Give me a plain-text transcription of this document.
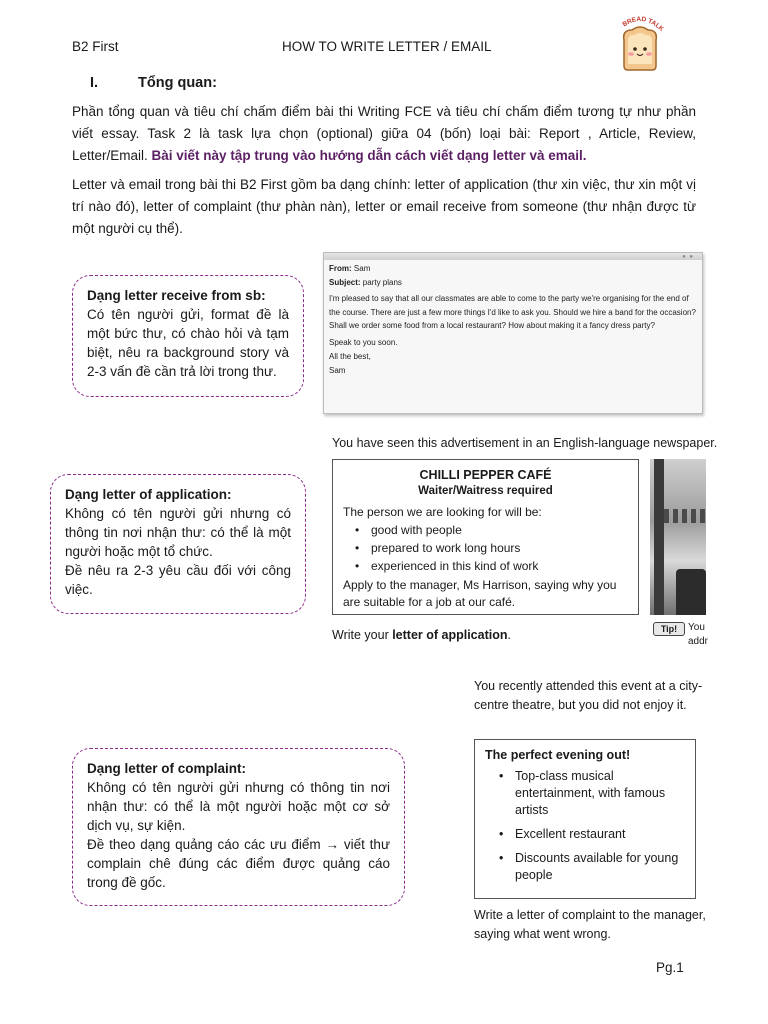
B2 First	HOW TO WRITE LETTER / EMAIL
BREAD TALK
I.	Tổng quan:
Phần tổng quan và tiêu chí chấm điểm bài thi Writing FCE và tiêu chí chấm điểm tương tự như phần viết essay. Task 2 là task lựa chọn (optional) giữa 04 (bốn) loại bài: Report , Article, Review, Letter/Email. Bài viết này tập trung vào hướng dẫn cách viết dạng letter và email.
Letter và email trong bài thi B2 First gồm ba dạng chính: letter of application (thư xin việc, thư xin một vị trí nào đó), letter of complaint (thư phàn nàn), letter or email receive from someone (thư nhận được từ một người cụ thể).
Dạng letter receive from sb:
Có tên người gửi, format đề là một bức thư, có chào hỏi và tạm biệt, nêu ra background story và 2-3 vấn đề cần trả lời trong thư.
● ●
From: Sam
Subject: party plans
I'm pleased to say that all our classmates are able to come to the party we're organising for the end of the course. There are just a few more things I'd like to ask you. Should we hire a band for the occasion? Shall we order some food from a local restaurant? How about making it a fancy dress party?
Speak to you soon.
All the best,
Sam
You have seen this advertisement in an English-language newspaper.
Dạng letter of application:
Không có tên người gửi nhưng có thông tin nơi nhận thư: có thể là một người hoặc một tổ chức.
Đề nêu ra 2-3 yêu cầu đối với công việc.
CHILLI PEPPER CAFÉ
Waiter/Waitress required
The person we are looking for will be:
• good with people
• prepared to work long hours
• experienced in this kind of work
Apply to the manager, Ms Harrison, saying why you are suitable for a job at our café.
Write your letter of application.	Tip!	You addr
You recently attended this event at a city-centre theatre, but you did not enjoy it.
The perfect evening out!
• Top-class musical entertainment, with famous artists
• Excellent restaurant
• Discounts available for young people
Write a letter of complaint to the manager, saying what went wrong.
Dạng letter of complaint:
Không có tên người gửi nhưng có thông tin nơi nhận thư: có thể là một người hoặc một cơ sở dịch vụ, sự kiện.
Đề theo dạng quảng cáo các ưu điểm → viết thư complain chê đúng các điểm được quảng cáo trong đề gốc.
Pg.1
